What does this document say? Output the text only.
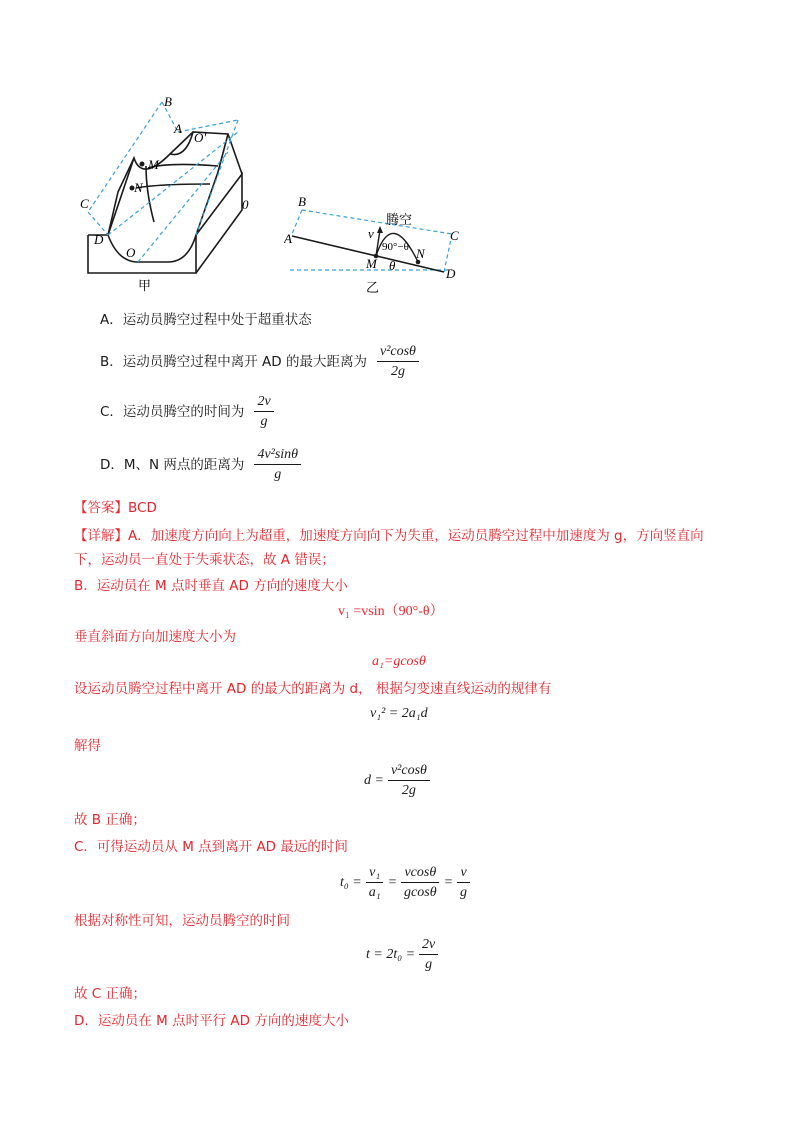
B
A
O′
M
N
C
D
O
0
甲
B
A	C
D
M
N
θ
v
90°−θ
腾空
乙
A．运动员腾空过程中处于超重状态
B．运动员腾空过程中离开 AD 的最大距离为 $\frac{\text{v²cosθ}}{2g}$
C．运动员腾空的时间为 $\frac{2v}{g}$
D．M、N 两点的距离为 $\frac{\text{4v²sinθ}}{g}$
【答案】BCD
【详解】A．加速度方向向上为超重，加速度方向向下为失重，运动员腾空过程中加速度为 g，方向竖直向
下，运动员一直处于失乘状态，故 A 错误；
B．运动员在 M 点时垂直 AD 方向的速度大小
v₁ =vsin（90°-θ）
垂直斜面方向加速度大小为
a₁=gcosθ
设运动员腾空过程中离开 AD 的最大的距离为 d， 根据匀变速直线运动的规律有
v₁² = 2a₁d
解得
$d = \frac{\text{v²cosθ}}{2g}$
故 B 正确；
C．可得运动员从 M 点到离开 AD 最远的时间
$t_0 = \frac{\text{v₁}}{\text{a₁}} = \frac{vcos\theta}{gcos\theta} = \frac{v}{g}$
根据对称性可知，运动员腾空的时间
$t = 2t_0 = \frac{2v}{g}$
故 C 正确；
D．运动员在 M 点时平行 AD 方向的速度大小
